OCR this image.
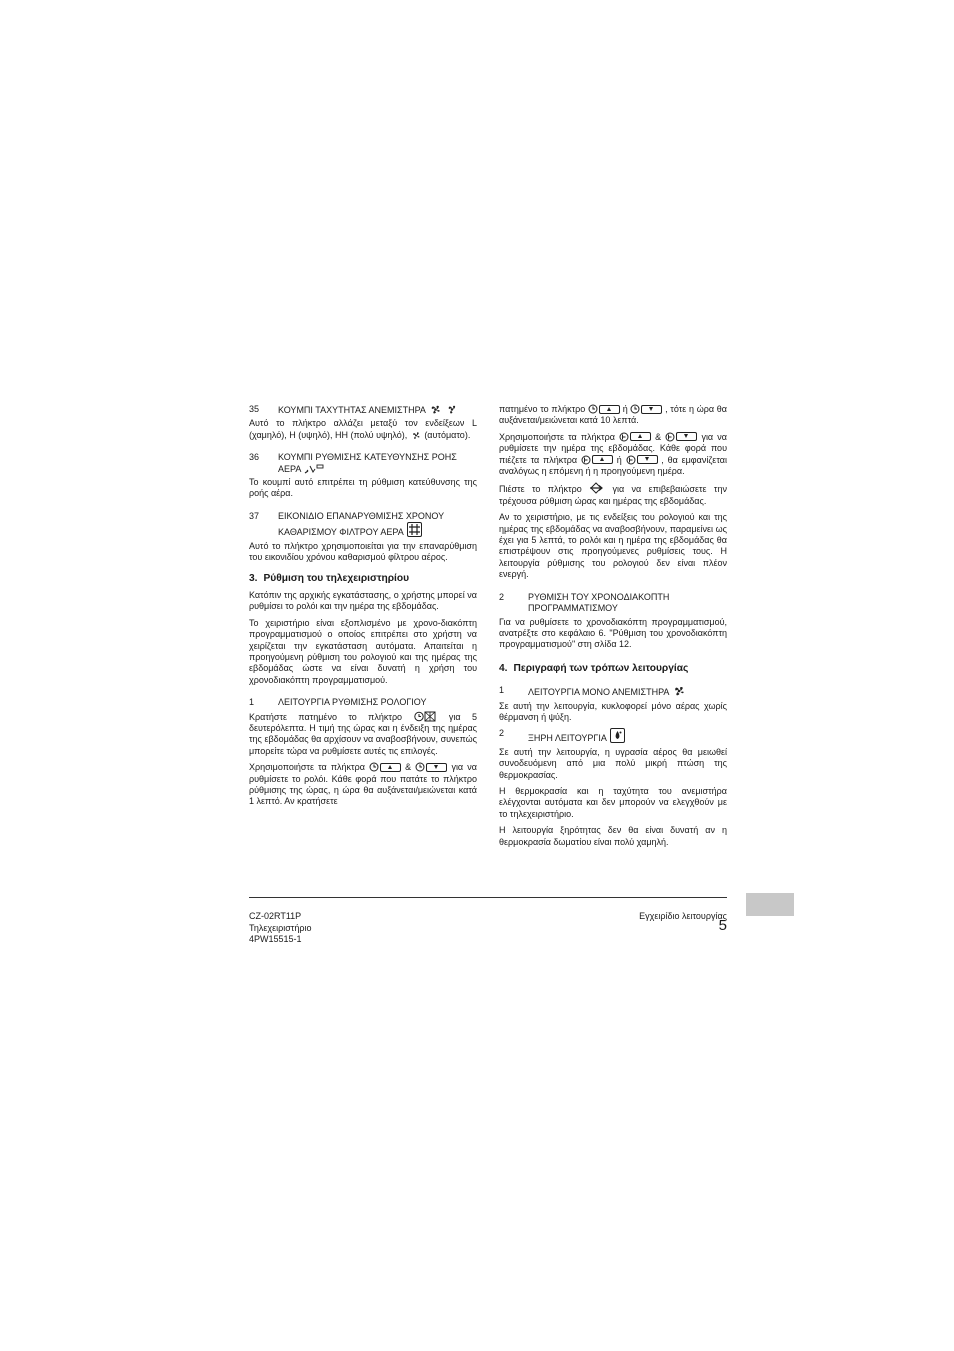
35	ΚΟΥΜΠΙ ΤΑΧΥΤΗΤΑΣ ΑΝΕΜΙΣΤΗΡΑ

Αυτό το πλήκτρο αλλάζει μεταξύ τον ενδείξεων L (χαμηλό), H (υψηλό), HH (πολύ υψηλό), (αυτόματο).

36	ΚΟΥΜΠΙ ΡΥΘΜΙΣΗΣ ΚΑΤΕΥΘΥΝΣΗΣ ΡΟΗΣ ΑΕΡΑ

Το κουμπί αυτό επιτρέπει τη ρύθμιση κατεύθυνσης της ροής αέρα.

37	ΕΙΚΟΝΙΔΙΟ ΕΠΑΝΑΡΥΘΜΙΣΗΣ ΧΡΟΝΟΥ ΚΑΘΑΡΙΣΜΟΥ ΦΙΛΤΡΟΥ ΑΕΡΑ

Αυτό το πλήκτρο χρησιμοποιείται για την επαναρύθμιση του εικονιδίου χρόνου καθαρισμού φίλτρου αέρος.

3. Ρύθμιση του τηλεχειριστηρίου

Κατόπιν της αρχικής εγκατάστασης, ο χρήστης μπορεί να ρυθμίσει το ρολόι και την ημέρα της εβδομάδας.

Το χειριστήριο είναι εξοπλισμένο με χρονο-διακόπτη προγραμματισμού ο οποίος επιτρέπει στο χρήστη να χειρίζεται την εγκατάσταση αυτόματα. Απαιτείται η προηγούμενη ρύθμιση του ρολογιού και της ημέρας της εβδομάδας ώστε να είναι δυνατή η χρήση του χρονοδιακόπτη προγραμματισμού.

1	ΛΕΙΤΟΥΡΓΙΑ ΡΥΘΜΙΣΗΣ ΡΟΛΟΓΙΟΥ

Κρατήστε πατημένο το πλήκτρο	για 5 δευτερόλεπτα. Η τιμή της ώρας και η ένδειξη της ημέρας της εβδομάδας θα αρχίσουν να αναβοσβήνουν, συνεπώς μπορείτε τώρα να ρυθμίσετε αυτές τις επιλογές.

Χρησιμοποιήστε τα πλήκτρα	&	για να ρυθμίσετε το ρολόι. Κάθε φορά που πατάτε το πλήκτρο ρύθμισης της ώρας, η ώρα θα αυξάνεται/μειώνεται κατά 1 λεπτό. Αν κρατήσετε

πατημένο το πλήκτρο	ή	, τότε η ώρα θα αυξάνεται/μειώνεται κατά 10 λεπτά.

Χρησιμοποιήστε τα πλήκτρα	&	για να ρυθμίσετε την ημέρα της εβδομάδας. Κάθε φορά που πιέζετε τα πλήκτρα	ή	, θα εμφανίζεται αναλόγως η επόμενη ή η προηγούμενη ημέρα.

Πιέστε το πλήκτρο	για να επιβεβαιώσετε την τρέχουσα ρύθμιση ώρας και ημέρας της εβδομάδας.

Αν το χειριστήριο, με τις ενδείξεις του ρολογιού και της ημέρας της εβδομάδας να αναβοσβήνουν, παραμείνει ως έχει για 5 λεπτά, το ρολόι και η ημέρα της εβδομάδας θα επιστρέψουν στις προηγούμενες ρυθμίσεις τους. Η λειτουργία ρύθμισης του ρολογιού δεν είναι πλέον ενεργή.

2	ΡΥΘΜΙΣΗ ΤΟΥ ΧΡΟΝΟΔΙΑΚΟΠΤΗ ΠΡΟΓΡΑΜΜΑΤΙΣΜΟΥ

Για να ρυθμίσετε το χρονοδιακόπτη προγραμματισμού, ανατρέξτε στο κεφάλαιο 6. "Ρύθμιση του χρονοδιακόπτη προγραμματισμού" στη σλίδα 12.

4. Περιγραφή των τρόπων λειτουργίας
1	ΛΕΙΤΟΥΡΓΙΑ ΜΟΝΟ ΑΝΕΜΙΣΤΗΡΑ

Σε αυτή την λειτουργία, κυκλοφορεί μόνο αέρας χωρίς θέρμανση ή ψύξη.

2	ΞΗΡΗ ΛΕΙΤΟΥΡΓΙΑ

Σε αυτή την λειτουργία, η υγρασία αέρος θα μειωθεί συνοδευόμενη από μια πολύ μικρή πτώση της θερμοκρασίας.

Η θερμοκρασία και η ταχύτητα του ανεμιστήρα ελέγχονται αυτόματα και δεν μπορούν να ελεγχθούν με το τηλεχειριστήριο.

Η λειτουργία ξηρότητας δεν θα είναι δυνατή αν η θερμοκρασία δωματίου είναι πολύ χαμηλή.

CZ-02RT11P
Τηλεχειριστήριο
4PW15515-1
Εγχειρίδιο λειτουργίας
5
